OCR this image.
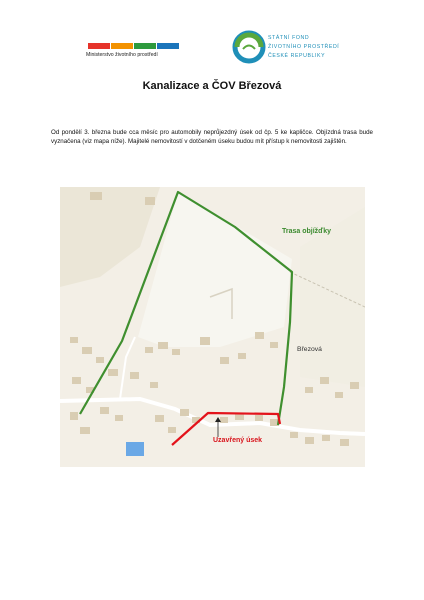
Ministerstvo životního prostředí
STÁTNÍ FOND
ŽIVOTNÍHO PROSTŘEDÍ
ČESKÉ REPUBLIKY
Kanalizace a ČOV Březová
Od pondělí 3. března bude cca měsíc pro automobily neprůjezdný úsek od čp. 5 ke kapličce. Objízdná trasa bude vyznačena (viz mapa níže). Majitelé nemovitostí v dotčeném úseku budou mít přístup k nemovitosti zajištěn.
Trasa objížďky
Březová
Uzavřený úsek
